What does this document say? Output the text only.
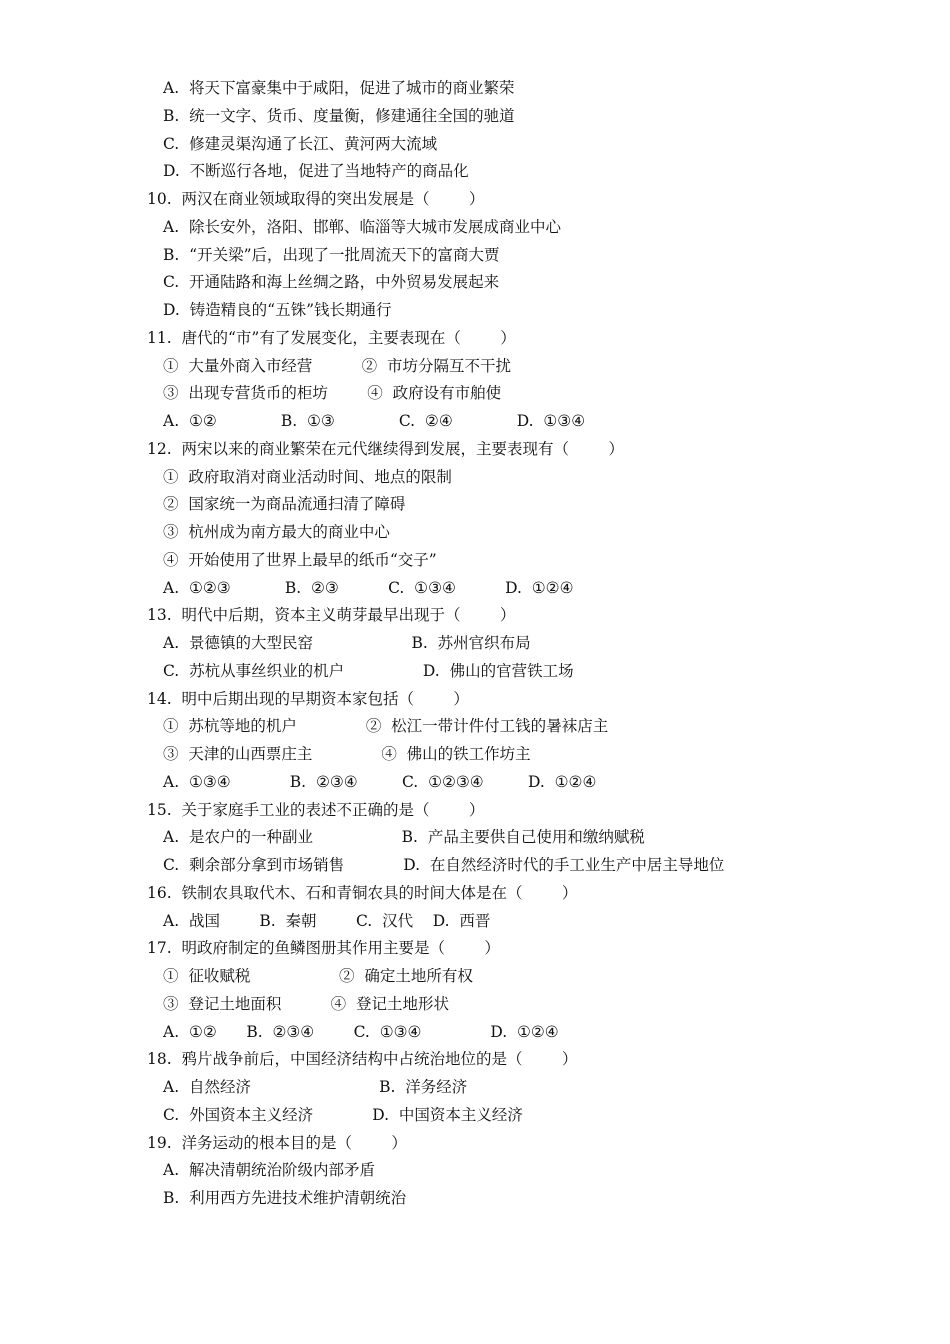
A.  将天下富豪集中于咸阳，促进了城市的商业繁荣
B.  统一文字、货币、度量衡，修建通往全国的驰道
C.  修建灵渠沟通了长江、黄河两大流域
D.  不断巡行各地，促进了当地特产的商品化
10.  两汉在商业领域取得的突出发展是（        ）
A.  除长安外，洛阳、邯郸、临淄等大城市发展成商业中心
B.  “开关梁”后，出现了一批周流天下的富商大贾
C.  开通陆路和海上丝绸之路，中外贸易发展起来
D.  铸造精良的“五铢”钱长期通行
11.  唐代的“市”有了发展变化，主要表现在（        ）
①  大量外商入市经营          ②  市坊分隔互不干扰
③  出现专营货币的柜坊        ④  政府设有市舶使
A.  ①②             B.  ①③             C.  ②④             D.  ①③④
12.  两宋以来的商业繁荣在元代继续得到发展，主要表现有（        ）
①  政府取消对商业活动时间、地点的限制
②  国家统一为商品流通扫清了障碍
③  杭州成为南方最大的商业中心
④  开始使用了世界上最早的纸币“交子”
A.  ①②③           B.  ②③          C.  ①③④          D.  ①②④
13.  明代中后期，资本主义萌芽最早出现于（        ）
A.  景德镇的大型民窑                    B.  苏州官织布局
C.  苏杭从事丝织业的机户                D.  佛山的官营铁工场
14.  明中后期出现的早期资本家包括（        ）
①  苏杭等地的机户              ②  松江一带计件付工钱的暑袜店主
③  天津的山西票庄主              ④  佛山的铁工作坊主
A.  ①③④            B.  ②③④         C.  ①②③④         D.  ①②④
15.  关于家庭手工业的表述不正确的是（        ）
A.  是农户的一种副业                  B.  产品主要供自己使用和缴纳赋税
C.  剩余部分拿到市场销售            D.  在自然经济时代的手工业生产中居主导地位
16.  铁制农具取代木、石和青铜农具的时间大体是在（        ）
A.  战国        B.  秦朝        C.  汉代    D.  西晋
17.  明政府制定的鱼鳞图册其作用主要是（        ）
①  征收赋税                  ②  确定土地所有权
③  登记土地面积          ④  登记土地形状
A.  ①②      B.  ②③④        C.  ①③④              D.  ①②④
18.  鸦片战争前后，中国经济结构中占统治地位的是（        ）
A.  自然经济                          B.  洋务经济
C.  外国资本主义经济            D.  中国资本主义经济
19.  洋务运动的根本目的是（        ）
A.  解决清朝统治阶级内部矛盾
B.  利用西方先进技术维护清朝统治
